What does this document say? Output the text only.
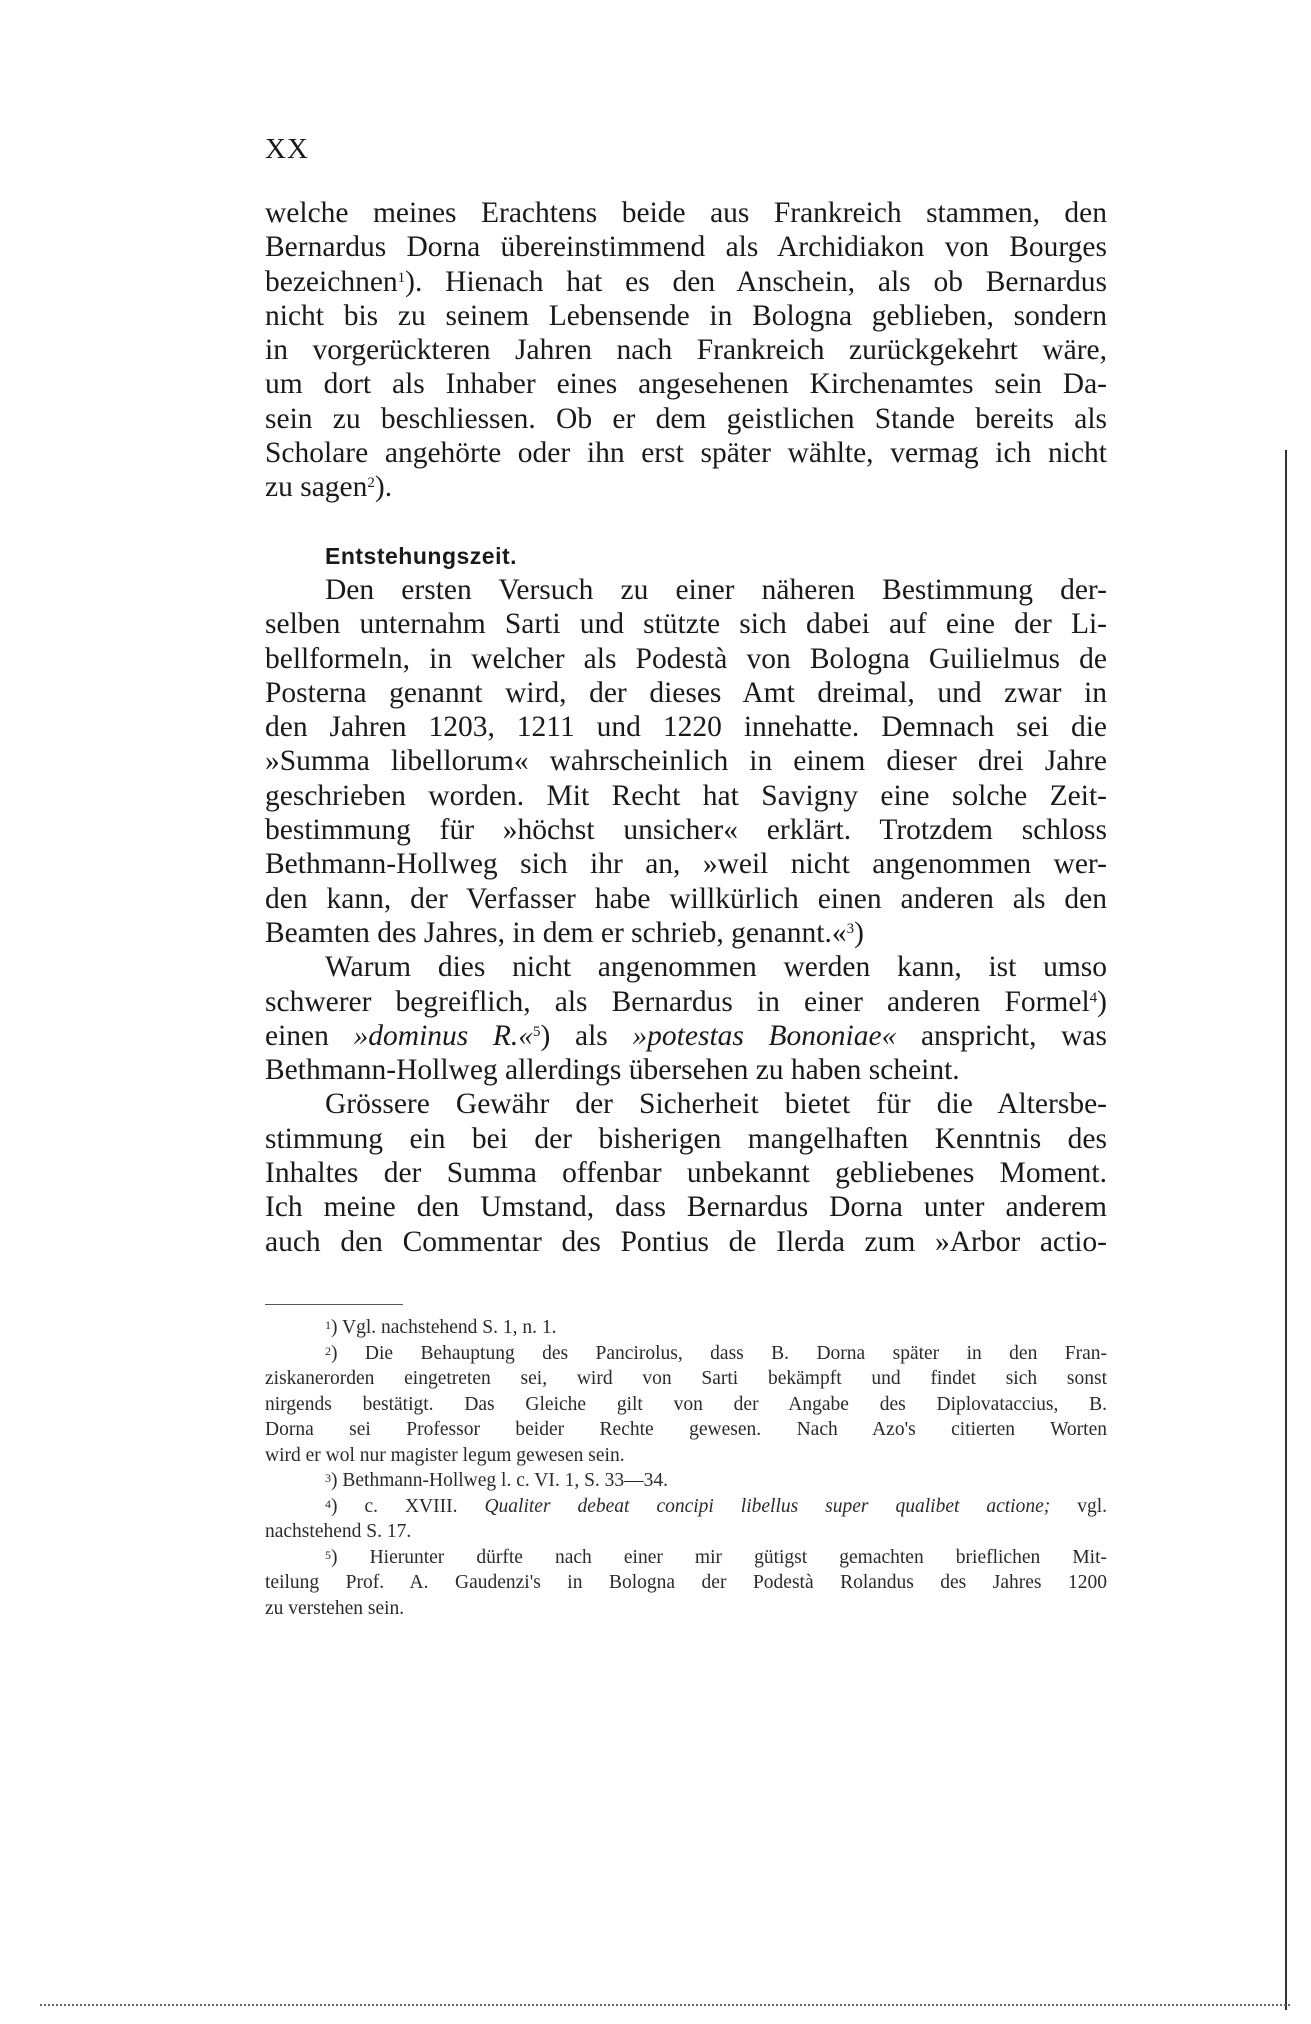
XX
welche meines Erachtens beide aus Frankreich stammen, den
Bernardus Dorna übereinstimmend als Archidiakon von Bourges
bezeichnen$^1$). Hienach hat es den Anschein, als ob Bernardus
nicht bis zu seinem Lebensende in Bologna geblieben, sondern
in vorgerückteren Jahren nach Frankreich zurückgekehrt wäre,
um dort als Inhaber eines angesehenen Kirchenamtes sein Da-
sein zu beschliessen. Ob er dem geistlichen Stande bereits als
Scholare angehörte oder ihn erst später wählte, vermag ich nicht
zu sagen$^2$).
Entstehungszeit.
Den ersten Versuch zu einer näheren Bestimmung der-
selben unternahm Sarti und stützte sich dabei auf eine der Li-
bellformeln, in welcher als Podestà von Bologna Guilielmus de
Posterna genannt wird, der dieses Amt dreimal, und zwar in
den Jahren 1203, 1211 und 1220 innehatte. Demnach sei die
»Summa libellorum« wahrscheinlich in einem dieser drei Jahre
geschrieben worden. Mit Recht hat Savigny eine solche Zeit-
bestimmung für »höchst unsicher« erklärt. Trotzdem schloss
Bethmann-Hollweg sich ihr an, »weil nicht angenommen wer-
den kann, der Verfasser habe willkürlich einen anderen als den
Beamten des Jahres, in dem er schrieb, genannt.«$^3$)
Warum dies nicht angenommen werden kann, ist umso
schwerer begreiflich, als Bernardus in einer anderen Formel$^4$)
einen »dominus R.«$^5$) als »potestas Bononiae« anspricht, was
Bethmann-Hollweg allerdings übersehen zu haben scheint.
Grössere Gewähr der Sicherheit bietet für die Altersbe-
stimmung ein bei der bisherigen mangelhaften Kenntnis des
Inhaltes der Summa offenbar unbekannt gebliebenes Moment.
Ich meine den Umstand, dass Bernardus Dorna unter anderem
auch den Commentar des Pontius de Ilerda zum »Arbor actio-
$^1$) Vgl. nachstehend S. 1, n. 1.
$^2$) Die Behauptung des Pancirolus, dass B. Dorna später in den Fran-
ziskanerorden eingetreten sei, wird von Sarti bekämpft und findet sich sonst
nirgends bestätigt. Das Gleiche gilt von der Angabe des Diplovataccius, B.
Dorna sei Professor beider Rechte gewesen. Nach Azo's citierten Worten
wird er wol nur magister legum gewesen sein.
$^3$) Bethmann-Hollweg l. c. VI. 1, S. 33—34.
$^4$) c. XVIII. Qualiter debeat concipi libellus super qualibet actione; vgl.
nachstehend S. 17.
$^5$) Hierunter dürfte nach einer mir gütigst gemachten brieflichen Mit-
teilung Prof. A. Gaudenzi's in Bologna der Podestà Rolandus des Jahres 1200
zu verstehen sein.
